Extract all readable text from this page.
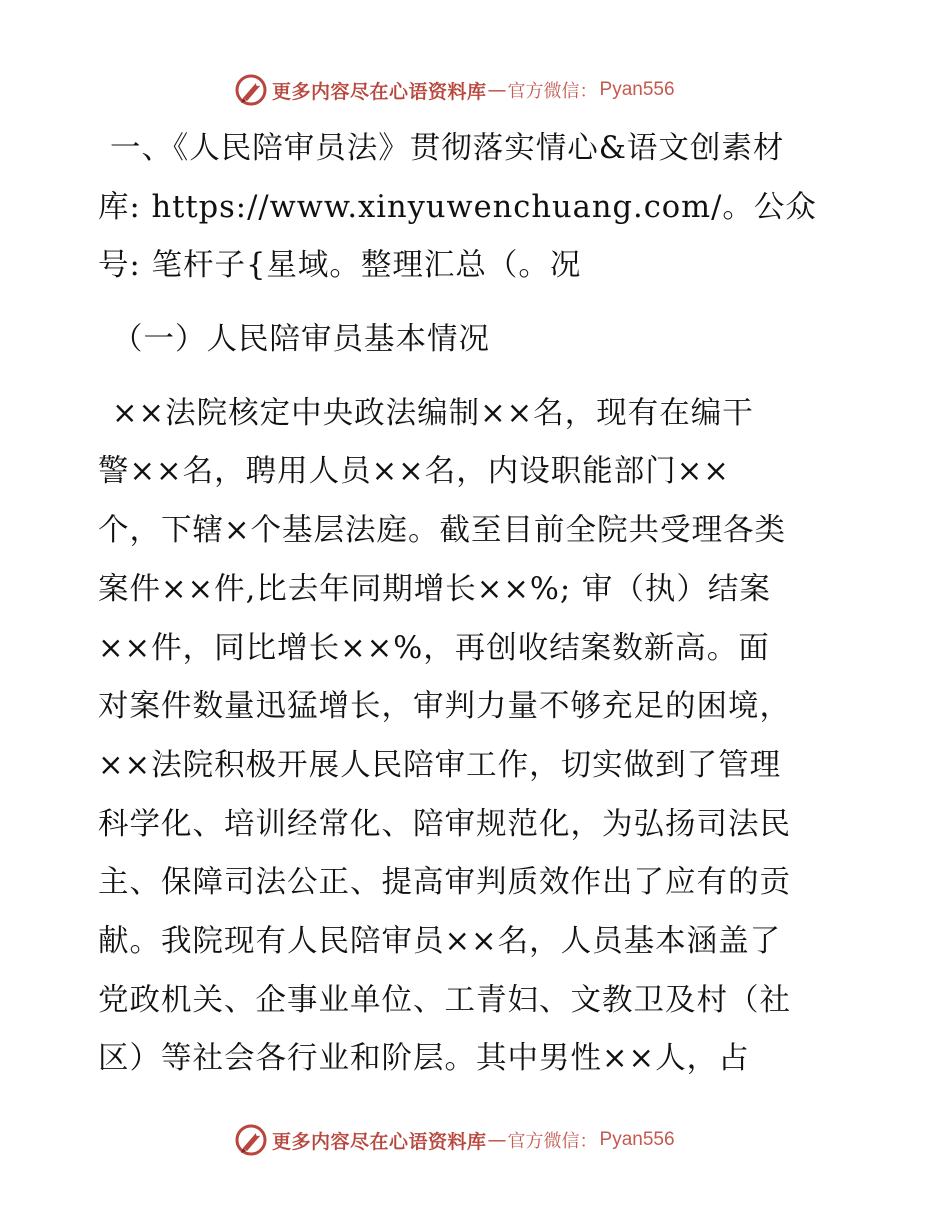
更多内容尽在心语资料库 — 官方微信： Pyan556
一、《人民陪审员法》贯彻落实情心&语文创素材
库: https://www.xinyuwenchuang.com/。公众
号: 笔杆子{星域。整理汇总（。况
（一）人民陪审员基本情况
××法院核定中央政法编制××名，现有在编干
警××名，聘用人员××名，内设职能部门××
个，下辖×个基层法庭。截至目前全院共受理各类
案件××件,比去年同期增长××%; 审（执）结案
××件，同比增长××%，再创收结案数新高。面
对案件数量迅猛增长，审判力量不够充足的困境，
××法院积极开展人民陪审工作，切实做到了管理
科学化、培训经常化、陪审规范化，为弘扬司法民
主、保障司法公正、提高审判质效作出了应有的贡
献。我院现有人民陪审员××名，人员基本涵盖了
党政机关、企事业单位、工青妇、文教卫及村（社
区）等社会各行业和阶层。其中男性××人，占
更多内容尽在心语资料库 — 官方微信： Pyan556
